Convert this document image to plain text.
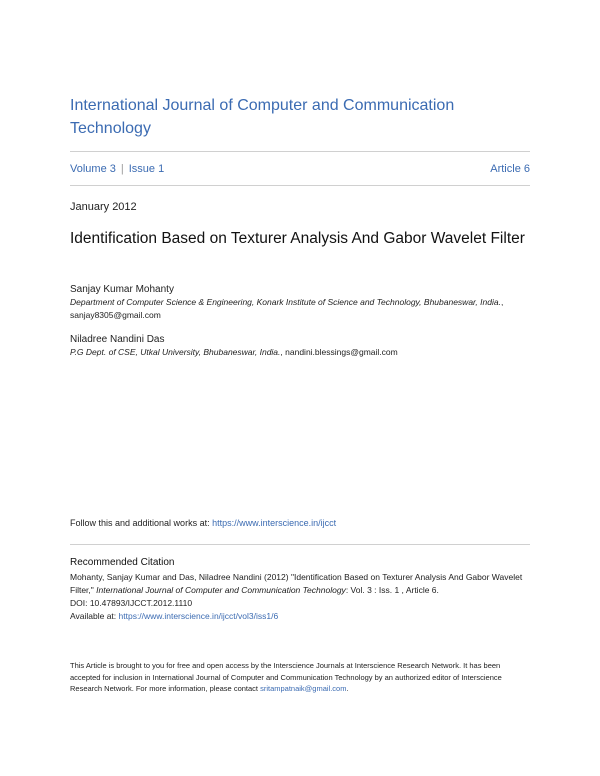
International Journal of Computer and Communication Technology
Volume 3 | Issue 1	Article 6
January 2012
Identification Based on Texturer Analysis And Gabor Wavelet Filter
Sanjay Kumar Mohanty
Department of Computer Science & Engineering, Konark Institute of Science and Technology, Bhubaneswar, India., sanjay8305@gmail.com
Niladree Nandini Das
P.G Dept. of CSE, Utkal University, Bhubaneswar, India., nandini.blessings@gmail.com
Follow this and additional works at: https://www.interscience.in/ijcct
Recommended Citation
Mohanty, Sanjay Kumar and Das, Niladree Nandini (2012) "Identification Based on Texturer Analysis And Gabor Wavelet Filter," International Journal of Computer and Communication Technology: Vol. 3 : Iss. 1 , Article 6.
DOI: 10.47893/IJCCT.2012.1110
Available at: https://www.interscience.in/ijcct/vol3/iss1/6
This Article is brought to you for free and open access by the Interscience Journals at Interscience Research Network. It has been accepted for inclusion in International Journal of Computer and Communication Technology by an authorized editor of Interscience Research Network. For more information, please contact sritampatnaik@gmail.com.
